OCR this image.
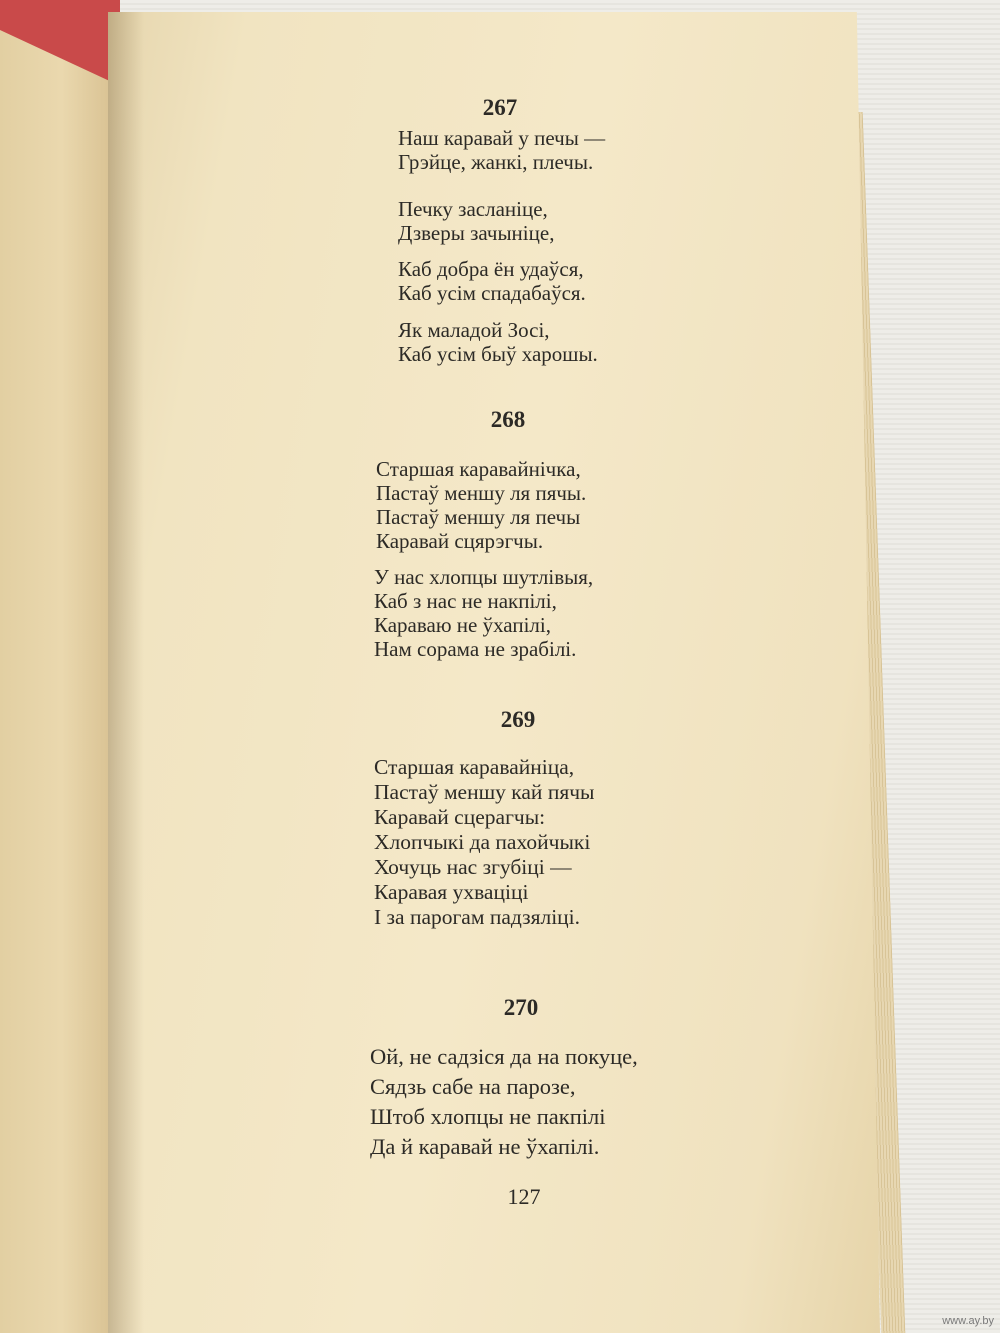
267
Наш каравай у печы —
Грэйце, жанкі, плечы.
Печку засланіце,
Дзверы зачыніце,
Каб добра ён удаўся,
Каб усім спадабаўся.
Як маладой Зосі,
Каб усім быў харошы.
268
Старшая каравайнічка,
Пастаў меншу ля пячы.
Пастаў меншу ля печы
Каравай сцярэгчы.
У нас хлопцы шутлівыя,
Каб з нас не накпілі,
Караваю не ўхапілі,
Нам сорама не зрабілі.
269
Старшая каравайніца,
Пастаў меншу кай пячы
Каравай сцерагчы:
Хлопчыкі да пахойчыкі
Хочуць нас згубіці —
Каравая ухваціці
І за парогам падзяліці.
270
Ой, не садзіся да на покуце,
Сядзь сабе на парозе,
Штоб хлопцы не пакпілі
Да й каравай не ўхапілі.
127
www.ay.by
